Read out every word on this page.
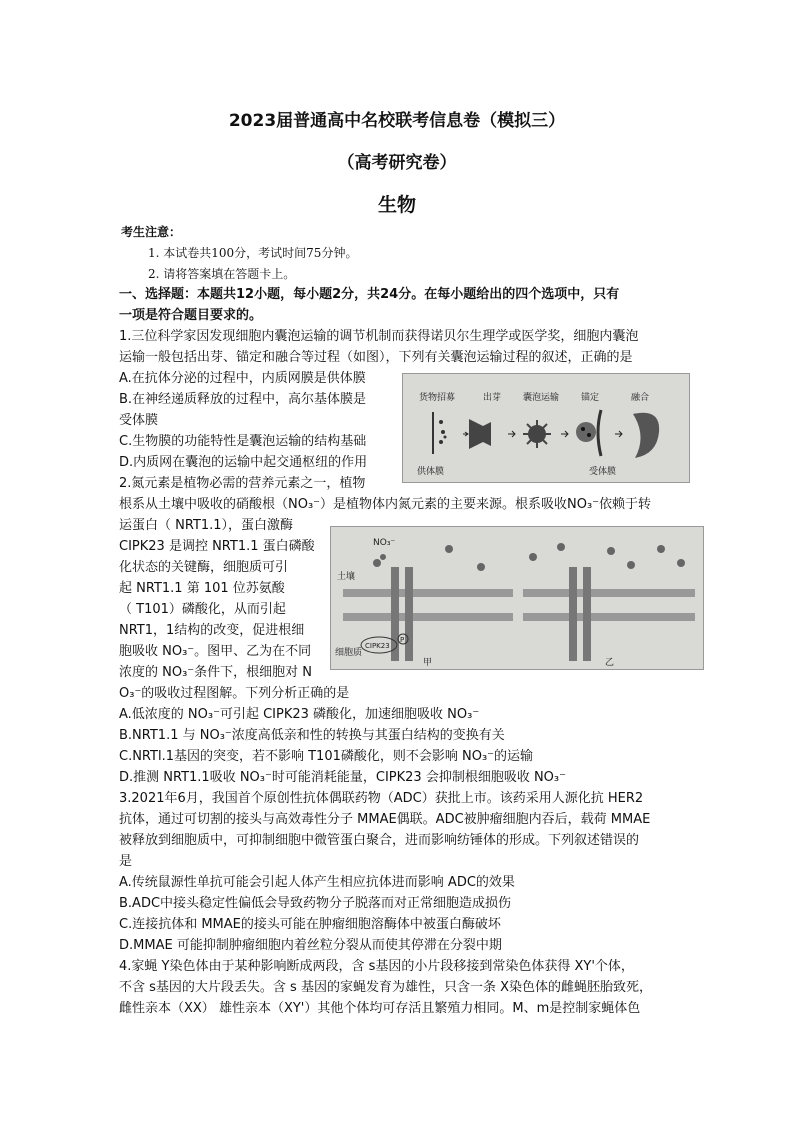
2023届普通高中名校联考信息卷（模拟三）
（高考研究卷）
生物
考生注意：
1. 本试卷共100分，考试时间75分钟。
2. 请将答案填在答题卡上。
一、选择题：本题共12小题，每小题2分，共24分。在每小题给出的四个选项中，只有
一项是符合题目要求的。
1.三位科学家因发现细胞内囊泡运输的调节机制而获得诺贝尔生理学或医学奖，细胞内囊泡
运输一般包括出芽、锚定和融合等过程（如图），下列有关囊泡运输过程的叙述，正确的是
A.在抗体分泌的过程中，内质网膜是供体膜
B.在神经递质释放的过程中，高尔基体膜是
受体膜
C.生物膜的功能特性是囊泡运输的结构基础
D.内质网在囊泡的运输中起交通枢纽的作用
2.氮元素是植物必需的营养元素之一，植物
根系从土壤中吸收的硝酸根（NO₃⁻）是植物体内氮元素的主要来源。根系吸收NO₃⁻依赖于转
运蛋白（ NRT1.1），蛋白激酶
CIPK23 是调控 NRT1.1 蛋白磷酸
化状态的关键酶，细胞质可引
起 NRT1.1 第 101 位苏氨酸
（ T101）磷酸化，从而引起
NRT1，1结构的改变，促进根细
胞吸收 NO₃⁻。图甲、乙为在不同
浓度的 NO₃⁻条件下，根细胞对 N
O₃⁻的吸收过程图解。下列分析正确的是
A.低浓度的 NO₃⁻可引起 CIPK23 磷酸化，加速细胞吸收 NO₃⁻
B.NRT1.1 与 NO₃⁻浓度高低亲和性的转换与其蛋白结构的变换有关
C.NRTl.1基因的突变，若不影响 T101磷酸化，则不会影响 NO₃⁻的运输
D.推测 NRT1.1吸收 NO₃⁻时可能消耗能量，CIPK23 会抑制根细胞吸收 NO₃⁻
3.2021年6月，我国首个原创性抗体偶联药物（ADC）获批上市。该药采用人源化抗 HER2
抗体，通过可切割的接头与高效毒性分子 MMAE偶联。ADC被肿瘤细胞内吞后，载荷 MMAE
被释放到细胞质中，可抑制细胞中微管蛋白聚合，进而影响纺锤体的形成。下列叙述错误的
是
A.传统鼠源性单抗可能会引起人体产生相应抗体进而影响 ADC的效果
B.ADC中接头稳定性偏低会导致药物分子脱落而对正常细胞造成损伤
C.连接抗体和 MMAE的接头可能在肿瘤细胞溶酶体中被蛋白酶破坏
D.MMAE 可能抑制肿瘤细胞内着丝粒分裂从而使其停滞在分裂中期
4.家蝇 Y染色体由于某种影响断成两段，含 s基因的小片段移接到常染色体获得 XY'个体，
不含 s基因的大片段丢失。含 s 基因的家蝇发育为雄性，只含一条 X染色体的雌蝇胚胎致死，
雌性亲本（XX） 雄性亲本（XY'）其他个体均可存活且繁殖力相同。M、m是控制家蝇体色
货物招募	出芽 囊泡运输 锚定	融合
供体膜	受体膜
NO₃⁻
土壤
细胞质
CIPK23
P
甲	乙
